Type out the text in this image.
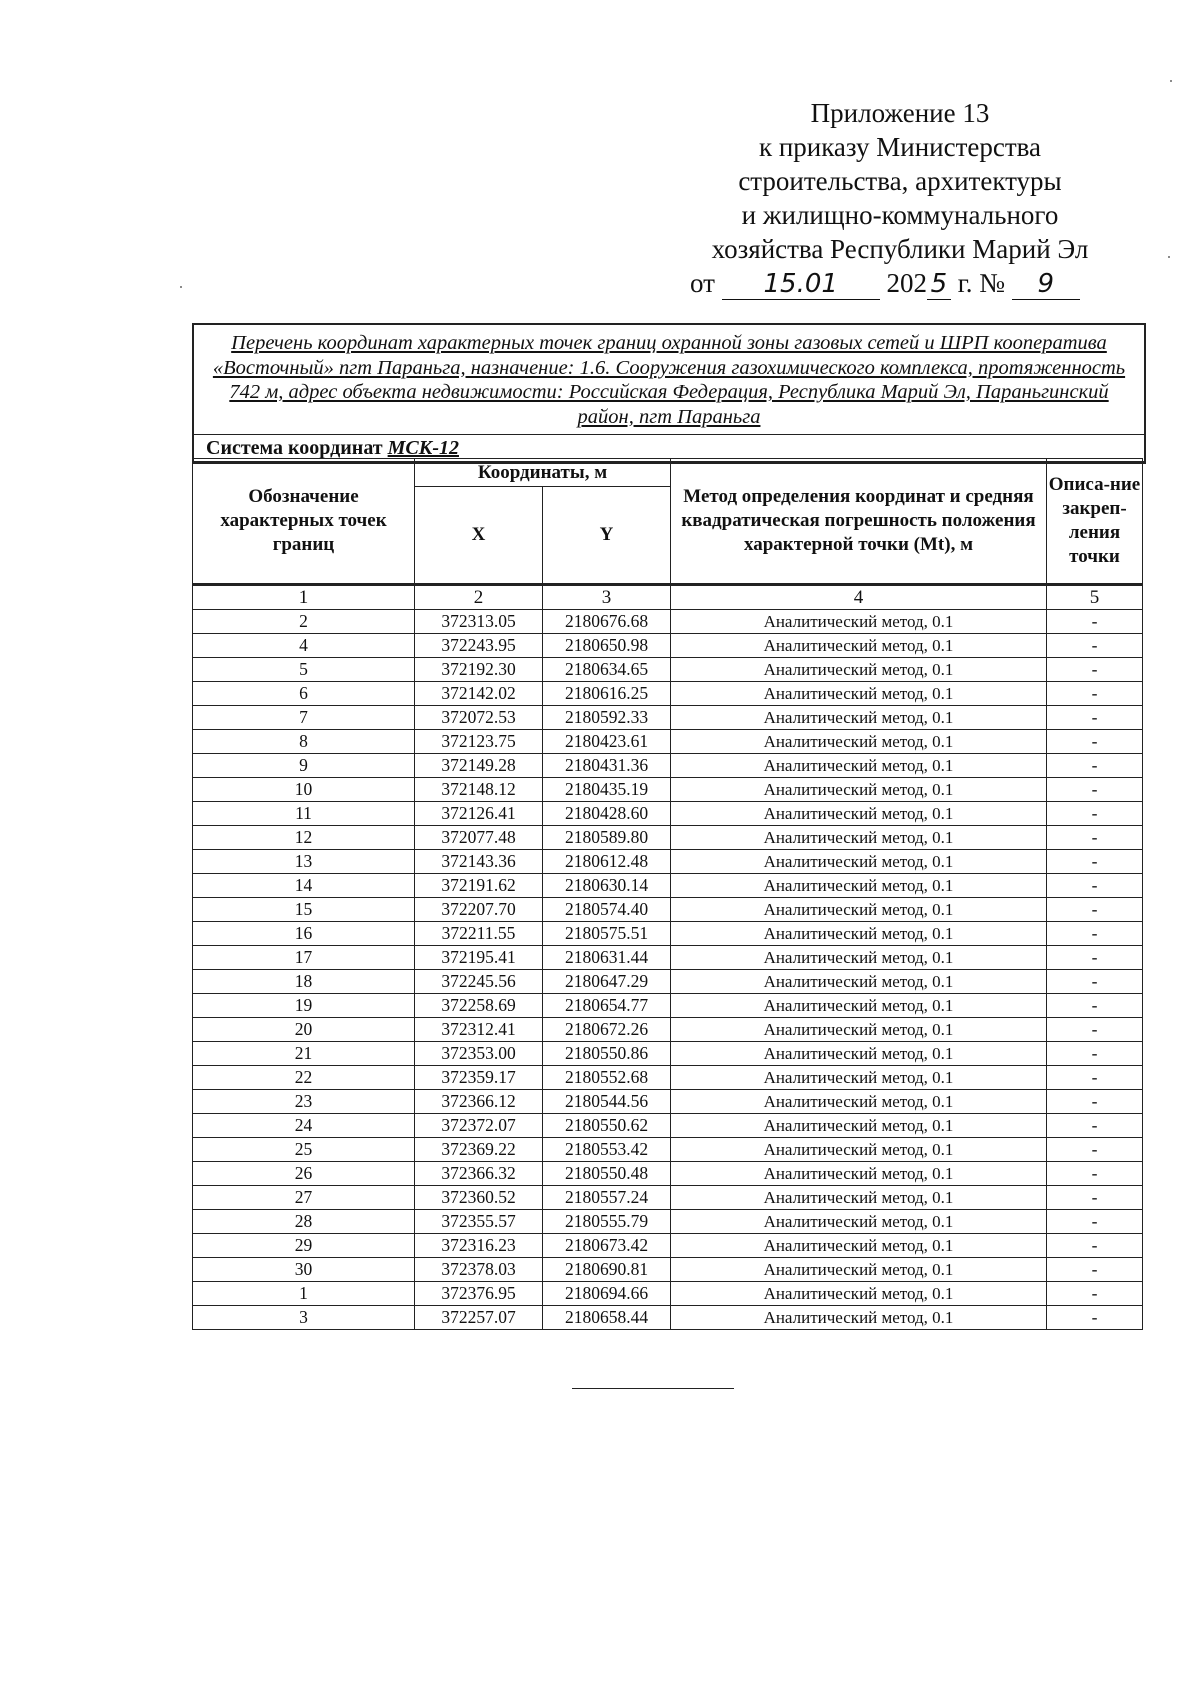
Приложение 13
к приказу Министерства
строительства, архитектуры
и жилищно-коммунального
хозяйства Республики Марий Эл
от 15.01 202 5 г. № 9
Перечень координат характерных точек границ охранной зоны газовых сетей и ШРП кооператива «Восточный» пгт Параньга, назначение: 1.6. Сооружения газохимического комплекса, протяженность 742 м, адрес объекта недвижимости: Российская Федерация, Республика Марий Эл, Параньгинский район, пгт Параньга
Система координат МСК-12
Обозначение характерных точек границ	Координаты, м		Метод определения координат и средняя квадратическая погрешность положения характерной точки (Mt), м	Описа-ние закреп-ления точки
	X	Y		
1	2	3	4	5
2	372313.05	2180676.68	Аналитический метод, 0.1	-
4	372243.95	2180650.98	Аналитический метод, 0.1	-
5	372192.30	2180634.65	Аналитический метод, 0.1	-
6	372142.02	2180616.25	Аналитический метод, 0.1	-
7	372072.53	2180592.33	Аналитический метод, 0.1	-
8	372123.75	2180423.61	Аналитический метод, 0.1	-
9	372149.28	2180431.36	Аналитический метод, 0.1	-
10	372148.12	2180435.19	Аналитический метод, 0.1	-
11	372126.41	2180428.60	Аналитический метод, 0.1	-
12	372077.48	2180589.80	Аналитический метод, 0.1	-
13	372143.36	2180612.48	Аналитический метод, 0.1	-
14	372191.62	2180630.14	Аналитический метод, 0.1	-
15	372207.70	2180574.40	Аналитический метод, 0.1	-
16	372211.55	2180575.51	Аналитический метод, 0.1	-
17	372195.41	2180631.44	Аналитический метод, 0.1	-
18	372245.56	2180647.29	Аналитический метод, 0.1	-
19	372258.69	2180654.77	Аналитический метод, 0.1	-
20	372312.41	2180672.26	Аналитический метод, 0.1	-
21	372353.00	2180550.86	Аналитический метод, 0.1	-
22	372359.17	2180552.68	Аналитический метод, 0.1	-
23	372366.12	2180544.56	Аналитический метод, 0.1	-
24	372372.07	2180550.62	Аналитический метод, 0.1	-
25	372369.22	2180553.42	Аналитический метод, 0.1	-
26	372366.32	2180550.48	Аналитический метод, 0.1	-
27	372360.52	2180557.24	Аналитический метод, 0.1	-
28	372355.57	2180555.79	Аналитический метод, 0.1	-
29	372316.23	2180673.42	Аналитический метод, 0.1	-
30	372378.03	2180690.81	Аналитический метод, 0.1	-
1	372376.95	2180694.66	Аналитический метод, 0.1	-
3	372257.07	2180658.44	Аналитический метод, 0.1	-
